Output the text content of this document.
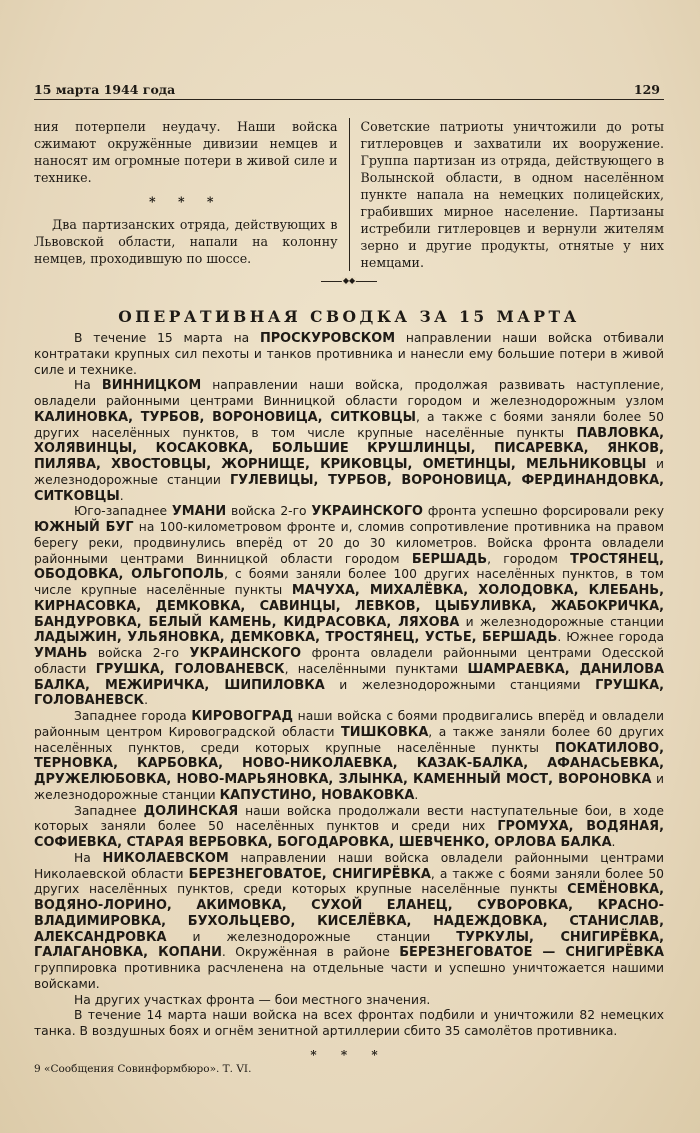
15 марта 1944 года	129

ния потерпели неудачу. Наши войска сжимают окружённые дивизии немцев и наносят им огромные потери в живой силе и технике.

* * *

Два партизанских отряда, действующих в Львовской области, напали на колонну немцев, проходившую по шоссе.

Советские патриоты уничтожили до роты гитлеровцев и захватили их вооружение. Группа партизан из отряда, действующего в Волынской области, в одном населённом пункте напала на немецких полицейских, грабивших мирное население. Партизаны истребили гитлеровцев и вернули жителям зерно и другие продукты, отнятые у них немцами.

◆◆
ОПЕРАТИВНАЯ СВОДКА ЗА 15 МАРТА

В течение 15 марта на ПРОСКУРОВСКОМ направлении наши войска отбивали контратаки крупных сил пехоты и танков противника и нанесли ему большие потери в живой силе и технике.

На ВИННИЦКОМ направлении наши войска, продолжая развивать наступление, овладели районными центрами Винницкой области городом и железнодорожным узлом КАЛИНОВКА, ТУРБОВ, ВОРОНОВИЦА, СИТКОВЦЫ, а также с боями заняли более 50 других населённых пунктов, в том числе крупные населённые пункты ПАВЛОВКА, ХОЛЯВИНЦЫ, КОСАКОВКА, БОЛЬШИЕ КРУШЛИНЦЫ, ПИСАРЕВКА, ЯНКОВ, ПИЛЯВА, ХВОСТОВЦЫ, ЖОРНИЩЕ, КРИКОВЦЫ, ОМЕТИНЦЫ, МЕЛЬНИКОВЦЫ и железнодорожные станции ГУЛЕВИЦЫ, ТУРБОВ, ВОРОНОВИЦА, ФЕРДИНАНДОВКА, СИТКОВЦЫ.

Юго-западнее УМАНИ войска 2-го УКРАИНСКОГО фронта успешно форсировали реку ЮЖНЫЙ БУГ на 100-километровом фронте и, сломив сопротивление противника на правом берегу реки, продвинулись вперёд от 20 до 30 километров. Войска фронта овладели районными центрами Винницкой области городом БЕРШАДЬ, городом ТРОСТЯНЕЦ, ОБОДОВКА, ОЛЬГОПОЛЬ, с боями заняли более 100 других населённых пунктов, в том числе крупные населённые пункты МАЧУХА, МИХАЛЁВКА, ХОЛОДОВКА, КЛЕБАНЬ, КИРНАСОВКА, ДЕМКОВКА, САВИНЦЫ, ЛЕВКОВ, ЦЫБУЛИВКА, ЖАБОКРИЧКА, БАНДУРОВКА, БЕЛЫЙ КАМЕНЬ, КИДРАСОВКА, ЛЯХОВА и железнодорожные станции ЛАДЫЖИН, УЛЬЯНОВКА, ДЕМКОВКА, ТРОСТЯНЕЦ, УСТЬЕ, БЕРШАДЬ. Южнее города УМАНЬ войска 2-го УКРАИНСКОГО фронта овладели районными центрами Одесской области ГРУШКА, ГОЛОВАНЕВСК, населёнными пунктами ШАМРАЕВКА, ДАНИЛОВА БАЛКА, МЕЖИРИЧКА, ШИПИЛОВКА и железнодорожными станциями ГРУШКА, ГОЛОВАНЕВСК.

Западнее города КИРОВОГРАД наши войска с боями продвигались вперёд и овладели районным центром Кировоградской области ТИШКОВКА, а также заняли более 60 других населённых пунктов, среди которых крупные населённые пункты ПОКАТИЛОВО, ТЕРНОВКА, КАРБОВКА, НОВО-НИКОЛАЕВКА, КАЗАК-БАЛКА, АФАНАСЬЕВКА, ДРУЖЕЛЮБОВКА, НОВО-МАРЬЯНОВКА, ЗЛЫНКА, КАМЕННЫЙ МОСТ, ВОРОНОВКА и железнодорожные станции КАПУСТИНО, НОВАКОВКА.

Западнее ДОЛИНСКАЯ наши войска продолжали вести наступательные бои, в ходе которых заняли более 50 населённых пунктов и среди них ГРОМУХА, ВОДЯНАЯ, СОФИЕВКА, СТАРАЯ ВЕРБОВКА, БОГОДАРОВКА, ШЕВЧЕНКО, ОРЛОВА БАЛКА.

На НИКОЛАЕВСКОМ направлении наши войска овладели районными центрами Николаевской области БЕРЕЗНЕГОВАТОЕ, СНИГИРЁВКА, а также с боями заняли более 50 других населённых пунктов, среди которых крупные населённые пункты СЕМЁНОВКА, ВОДЯНО-ЛОРИНО, АКИМОВКА, СУХОЙ ЕЛАНЕЦ, СУВОРОВКА, КРАСНО-ВЛАДИМИРОВКА, БУХОЛЬЦЕВО, КИСЕЛЁВКА, НАДЕЖДОВКА, СТАНИСЛАВ, АЛЕКСАНДРОВКА и железнодорожные станции ТУРКУЛЫ, СНИГИРЁВКА, ГАЛАГАНОВКА, КОПАНИ. Окружённая в районе БЕРЕЗНЕГОВАТОЕ — СНИГИРЁВКА группировка противника расчленена на отдельные части и успешно уничтожается нашими войсками.

На других участках фронта — бои местного значения.

В течение 14 марта наши войска на всех фронтах подбили и уничтожили 82 немецких танка. В воздушных боях и огнём зенитной артиллерии сбито 35 самолётов противника.

* * *
9 «Сообщения Совинформбюро». Т. VI.
